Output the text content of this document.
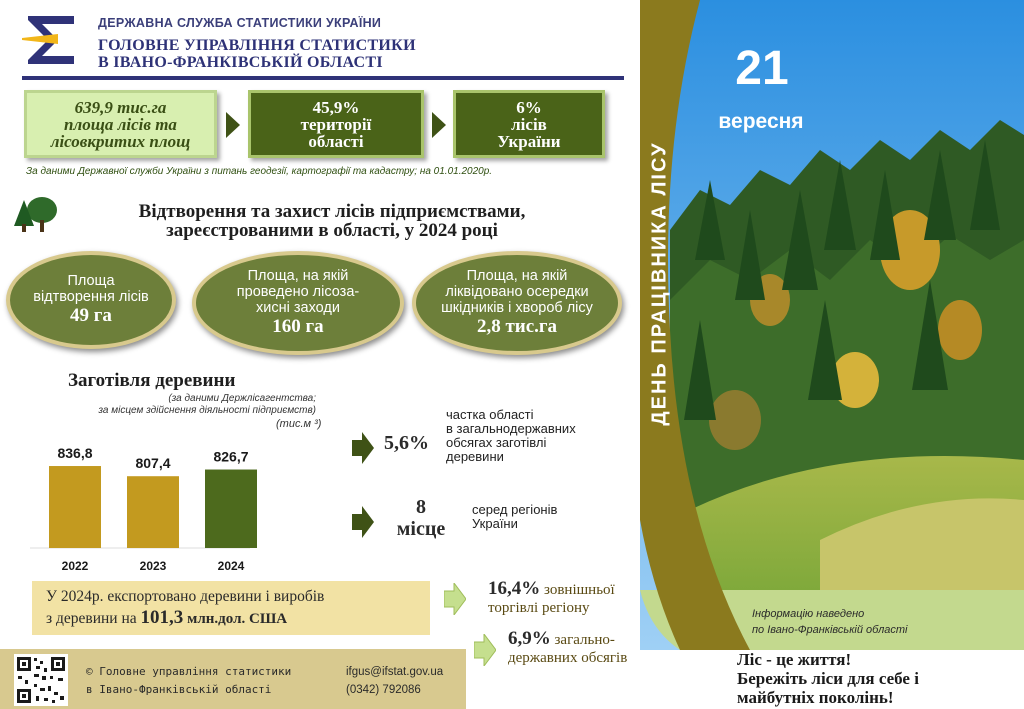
21
вересня
ДЕНЬ ПРАЦІВНИКА ЛІСУ
Інформацію наведено
по Івано-Франківській області
Ліс - це життя!
Бережіть ліси для себе і
майбутніх поколінь!
ДЕРЖАВНА СЛУЖБА СТАТИСТИКИ УКРАЇНИ
ГОЛОВНЕ УПРАВЛІННЯ СТАТИСТИКИ
В ІВАНО-ФРАНКІВСЬКІЙ ОБЛАСТІ
639,9 тис.га
площа лісів та
лісовкритих площ
45,9%
території
області
6%
лісів
України
За даними Державної служби України з питань геодезії, картографії та кадастру; на 01.01.2020р.
Відтворення та захист лісів підприємствами,
зареєстрованими в області, у 2024 році
Площа
відтворення лісів
49 га
Площа, на якій
проведено лісоза-
хисні заходи
160 га
Площа, на якій
ліквідовано осередки
шкідників і хвороб лісу
2,8 тис.га
Заготівля деревини
(за даними Держлісагентства;
за місцем здійснення діяльності підприємств)
(тис.м ³)
836,8
2022
807,4
2023
826,7
2024
5,6%
частка області
в загальнодержавних
обсягах заготівлі
деревини
8
місце
серед регіонів
України
У 2024р. експортовано деревини і виробів
з деревини на 101,3 млн.дол. США
16,4% зовнішньої
торгівлі регіону
6,9% загально-
державних обсягів
© Головне управління статистики
в Івано-Франківській області
ifgus@ifstat.gov.ua
(0342) 792086
